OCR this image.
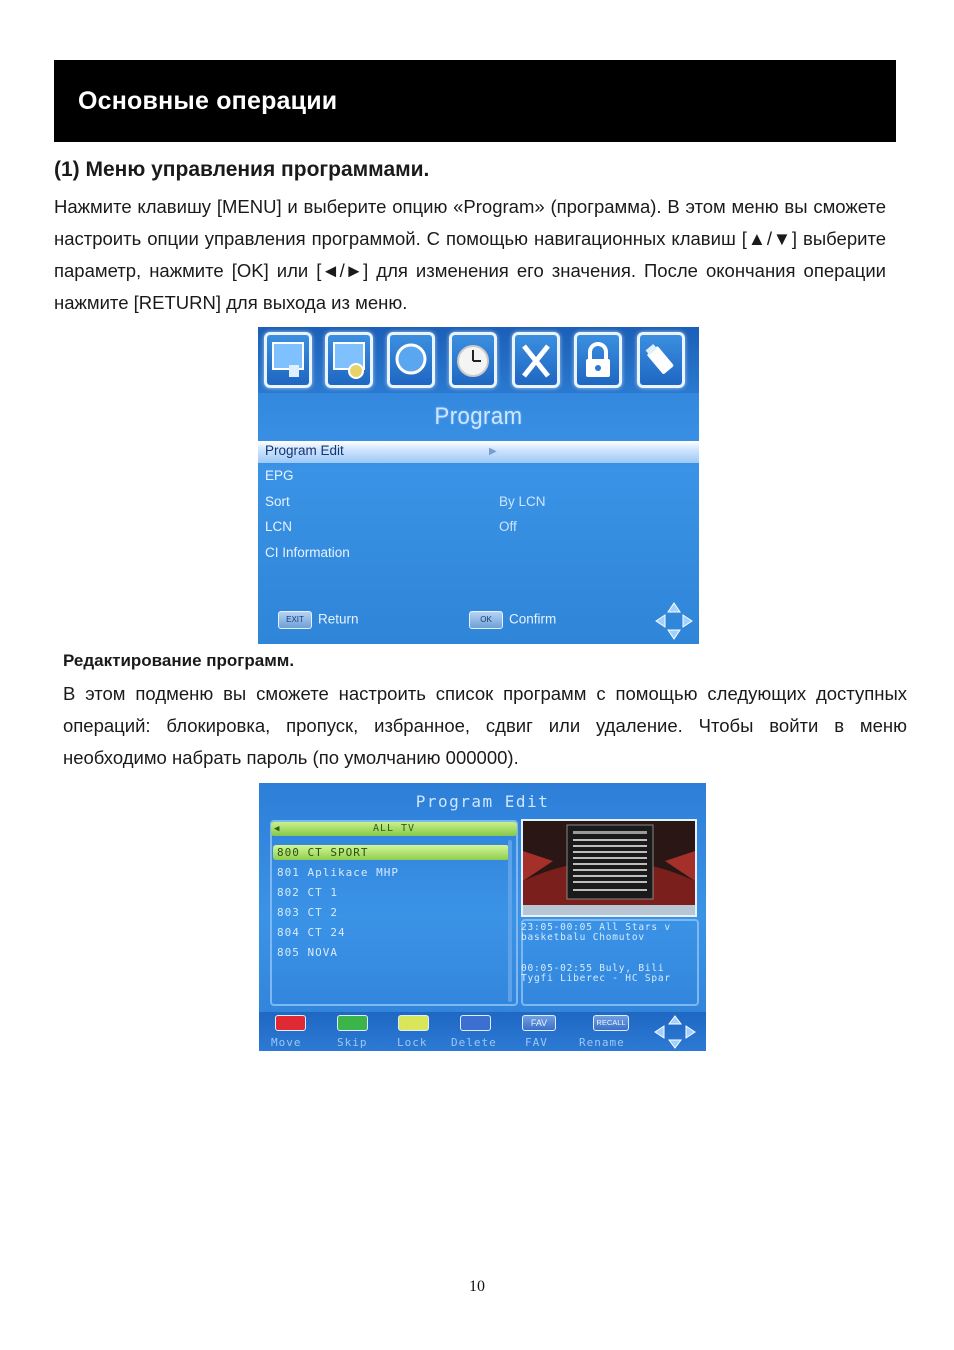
Основные операции
(1) Меню управления программами.

Нажмите клавишу [MENU] и выберите опцию «Program» (программа). В этом меню вы сможете настроить опции управления программой. С помощью навигационных клавиш [▲/▼] выберите параметр, нажмите [OK] или [◄/►] для изменения его значения. После окончания операции нажмите [RETURN] для выхода из меню.

Program
Program Edit	▶
EPG
Sort	By LCN
LCN	Off
CI Information
EXIT Return	OK Confirm
Редактирование программ.

В этом подменю вы сможете настроить список программ с помощью следующих доступных операций: блокировка, пропуск, избранное, сдвиг или удаление. Чтобы войти в меню необходимо набрать пароль (по умолчанию 000000).

Program Edit
◀	ALL TV
800 CT SPORT
801 Aplikace MHP
802 CT 1
803 CT 2
804 CT 24
805 NOVA
23:05-00:05 All Stars v
basketbalu Chomutov
00:05-02:55 Buly, Bili
Tygfi Liberec - HC Spar
Move	Skip	Lock Delete
FAV
FAV
RECALL
Rename
10
